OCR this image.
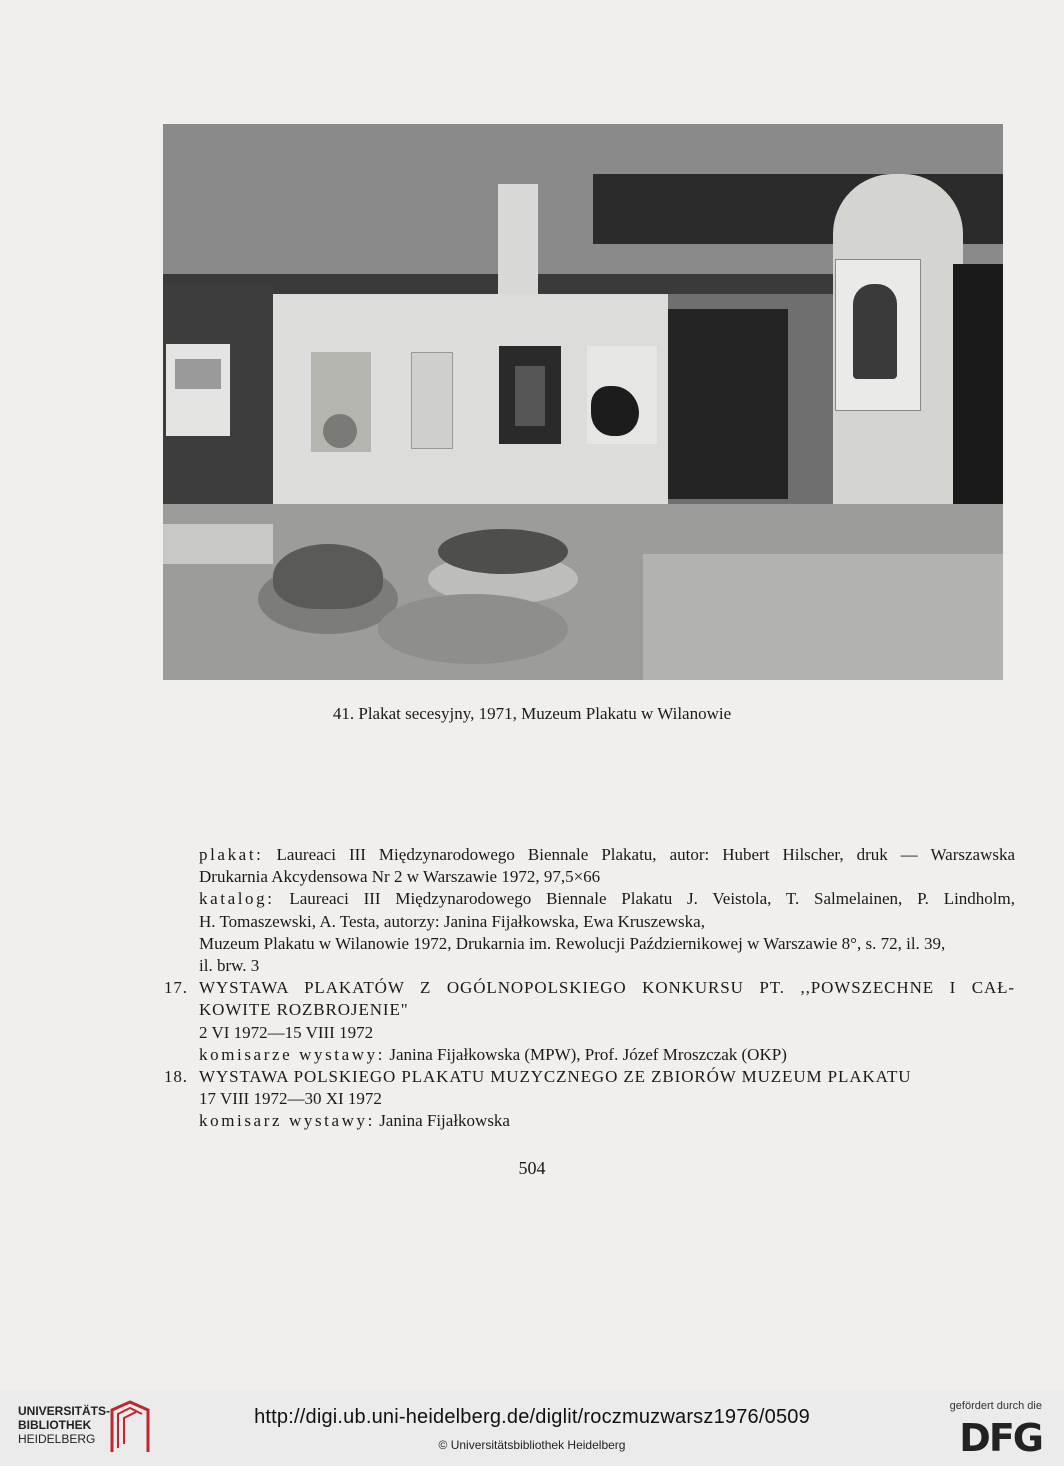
41. Plakat secesyjny, 1971, Muzeum Plakatu w Wilanowie
plakat: Laureaci III Międzynarodowego Biennale Plakatu, autor: Hubert Hilscher, druk — Warszawska
Drukarnia Akcydensowa Nr 2 w Warszawie 1972, 97,5×66
katalog: Laureaci III Międzynarodowego Biennale Plakatu J. Veistola, T. Salmelainen, P. Lindholm,
H. Tomaszewski, A. Testa, autorzy: Janina Fijałkowska, Ewa Kruszewska,
Muzeum Plakatu w Wilanowie 1972, Drukarnia im. Rewolucji Październikowej w Warszawie 8°, s. 72, il. 39,
il. brw. 3
17. WYSTAWA PLAKATÓW Z OGÓLNOPOLSKIEGO KONKURSU PT. ,,POWSZECHNE I CAŁ-
KOWITE ROZBROJENIE"
2 VI 1972—15 VIII 1972
komisarze wystawy: Janina Fijałkowska (MPW), Prof. Józef Mroszczak (OKP)
18. WYSTAWA POLSKIEGO PLAKATU MUZYCZNEGO ZE ZBIORÓW MUZEUM PLAKATU
17 VIII 1972—30 XI 1972
komisarz wystawy: Janina Fijałkowska
504
UNIVERSITÄTS-
BIBLIOTHEK
HEIDELBERG
http://digi.ub.uni-heidelberg.de/diglit/roczmuzwarsz1976/0509
© Universitätsbibliothek Heidelberg
gefördert durch die
DFG
